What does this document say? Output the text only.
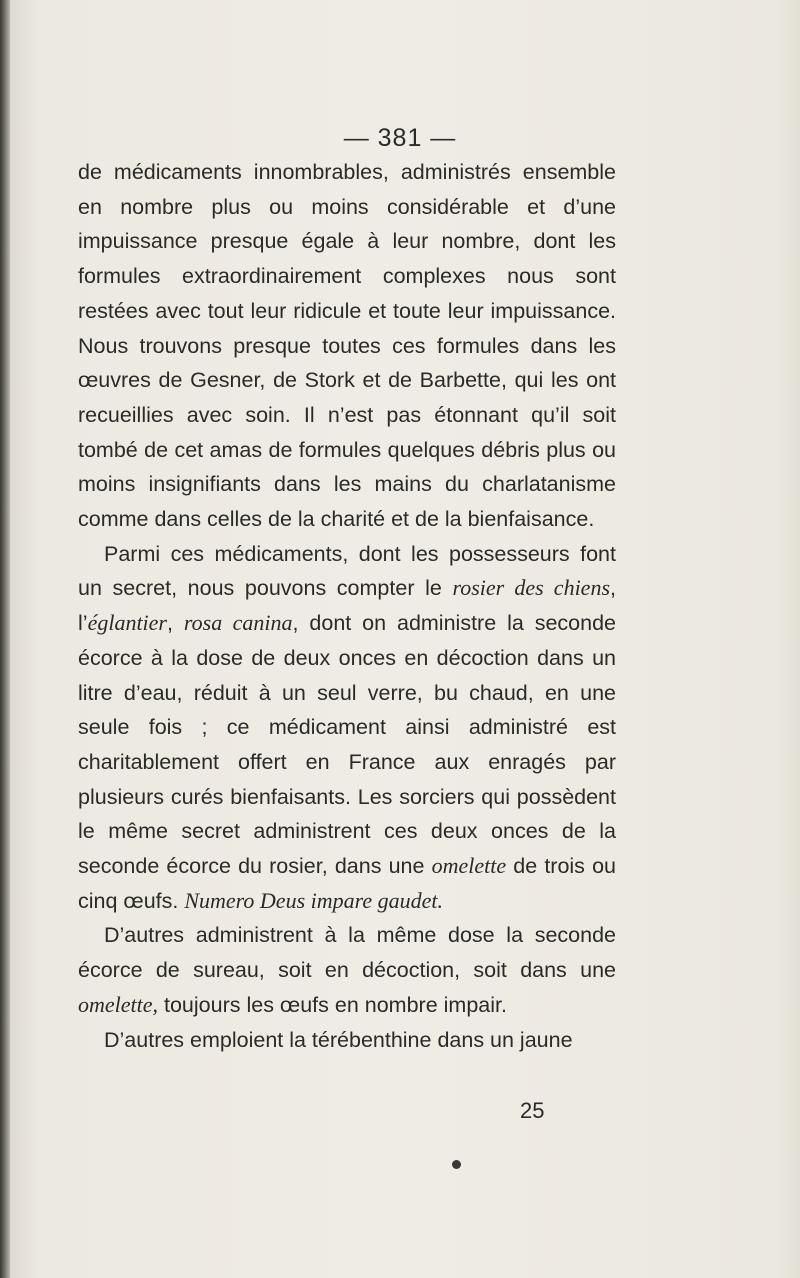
— 381 —

de médicaments innombrables, administrés ensemble en nombre plus ou moins considérable et d’une impuissance presque égale à leur nombre, dont les formules extraordinairement complexes nous sont restées avec tout leur ridicule et toute leur impuissance. Nous trouvons presque toutes ces formules dans les œuvres de Gesner, de Stork et de Barbette, qui les ont recueillies avec soin. Il n’est pas étonnant qu’il soit tombé de cet amas de formules quelques débris plus ou moins insignifiants dans les mains du charlatanisme comme dans celles de la charité et de la bienfaisance.

Parmi ces médicaments, dont les possesseurs font un secret, nous pouvons compter le rosier des chiens, l’églantier, rosa canina, dont on administre la seconde écorce à la dose de deux onces en décoction dans un litre d’eau, réduit à un seul verre, bu chaud, en une seule fois ; ce médicament ainsi administré est charitablement offert en France aux enragés par plusieurs curés bienfaisants. Les sorciers qui possèdent le même secret administrent ces deux onces de la seconde écorce du rosier, dans une omelette de trois ou cinq œufs. Numero Deus impare gaudet.

D’autres administrent à la même dose la seconde écorce de sureau, soit en décoction, soit dans une omelette, toujours les œufs en nombre impair.

D’autres emploient la térébenthine dans un jaune

25
